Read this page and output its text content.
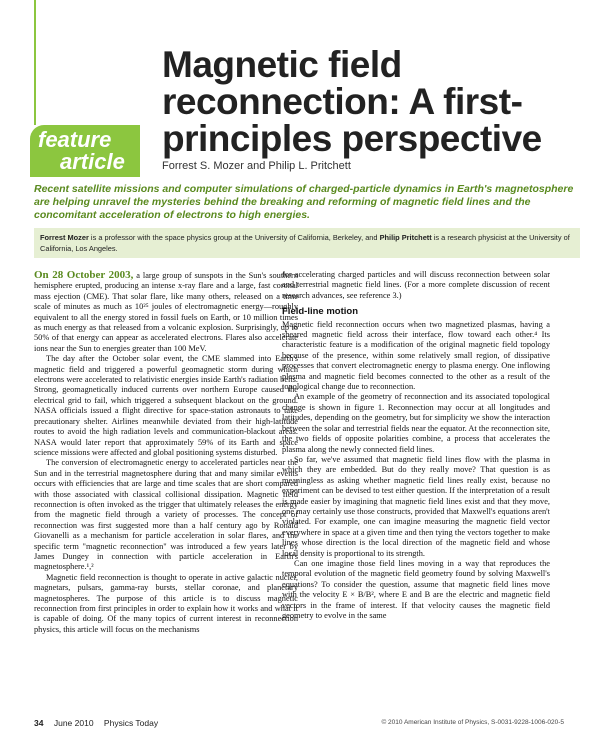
feature
article
Magnetic field reconnection: A first-principles perspective
Forrest S. Mozer and Philip L. Pritchett
Recent satellite missions and computer simulations of charged-particle dynamics in Earth's magnetosphere are helping unravel the mysteries behind the breaking and reforming of magnetic field lines and the concomitant acceleration of electrons to high energies.
Forrest Mozer is a professor with the space physics group at the University of California, Berkeley, and Philip Pritchett is a research physicist at the University of California, Los Angeles.

On 28 October 2003, a large group of sunspots in the Sun's southern hemisphere erupted, producing an intense x-ray flare and a large, fast coronal mass ejection (CME). That solar flare, like many others, released on a time scale of minutes as much as 10²⁵ joules of electromagnetic energy—roughly equivalent to all the energy stored in fossil fuels on Earth, or 10 million times as much energy as that released from a volcanic explosion. Surprisingly, up to 50% of that energy can appear as accelerated electrons. Flares also accelerate ions near the Sun to energies greater than 100 MeV.

The day after the October solar event, the CME slammed into Earth's magnetic field and triggered a powerful geomagnetic storm during which electrons were accelerated to relativistic energies inside Earth's radiation belts. Strong, geomagnetically induced currents over northern Europe caused the electrical grid to fail, which triggered a subsequent blackout on the ground. NASA officials issued a flight directive for space-station astronauts to take precautionary shelter. Airlines meanwhile deviated from their high-latitude routes to avoid the high radiation levels and communication-blackout areas. NASA would later report that approximately 59% of its Earth and space science missions were affected and global positioning systems disturbed.

The conversion of electromagnetic energy to accelerated particles near the Sun and in the terrestrial magnetosphere during that and many similar events occurs with efficiencies that are large and time scales that are short compared with those associated with classical collisional dissipation. Magnetic field reconnection is often invoked as the trigger that ultimately releases the energy from the magnetic field through a variety of processes. The concept of reconnection was first suggested more than a half century ago by Ronald Giovanelli as a mechanism for particle acceleration in solar flares, and the specific term "magnetic reconnection" was introduced a few years later by James Dungey in connection with particle acceleration in Earth's magnetosphere.¹,²

Magnetic field reconnection is thought to operate in active galactic nuclei, magnetars, pulsars, gamma-ray bursts, stellar coronae, and planetary magnetospheres. The purpose of this article is to discuss magnetic reconnection from first principles in order to explain how it works and what it is capable of doing. Of the many topics of current interest in reconnection physics, this article will focus on the mechanisms

for accelerating charged particles and will discuss reconnection between solar and terrestrial magnetic field lines. (For a more complete discussion of recent research advances, see reference 3.)

Field-line motion

Magnetic field reconnection occurs when two magnetized plasmas, having a sheared magnetic field across their interface, flow toward each other.⁴ Its characteristic feature is a modification of the original magnetic field topology because of the presence, within some relatively small region, of dissipative processes that convert electromagnetic energy to plasma energy. One inflowing plasma and magnetic field becomes connected to the other as a result of the topological change due to reconnection.

An example of the geometry of reconnection and its associated topological change is shown in figure 1. Reconnection may occur at all longitudes and latitudes, depending on the geometry, but for simplicity we show the interaction between the solar and terrestrial fields near the equator. At the reconnection site, the two fields of opposite polarities combine, a process that accelerates the plasma along the newly connected field lines.

So far, we've assumed that magnetic field lines flow with the plasma in which they are embedded. But do they really move? That question is as meaningless as asking whether magnetic field lines really exist, because no experiment can be devised to test either question. If the interpretation of a result is made easier by imagining that magnetic field lines exist and that they move, one may certainly use those constructs, provided that Maxwell's equations aren't violated. For example, one can imagine measuring the magnetic field vector everywhere in space at a given time and then tying the vectors together to make lines whose direction is the local direction of the magnetic field and whose local density is proportional to its strength.

Can one imagine those field lines moving in a way that reproduces the temporal evolution of the magnetic field geometry found by solving Maxwell's equations? To consider the question, assume that magnetic field lines move with the velocity E × B/B², where E and B are the electric and magnetic field vectors in the frame of interest. If that velocity causes the magnetic field geometry to evolve in the same

34 June 2010 Physics Today	© 2010 American Institute of Physics, S-0031-9228-1006-020-5
